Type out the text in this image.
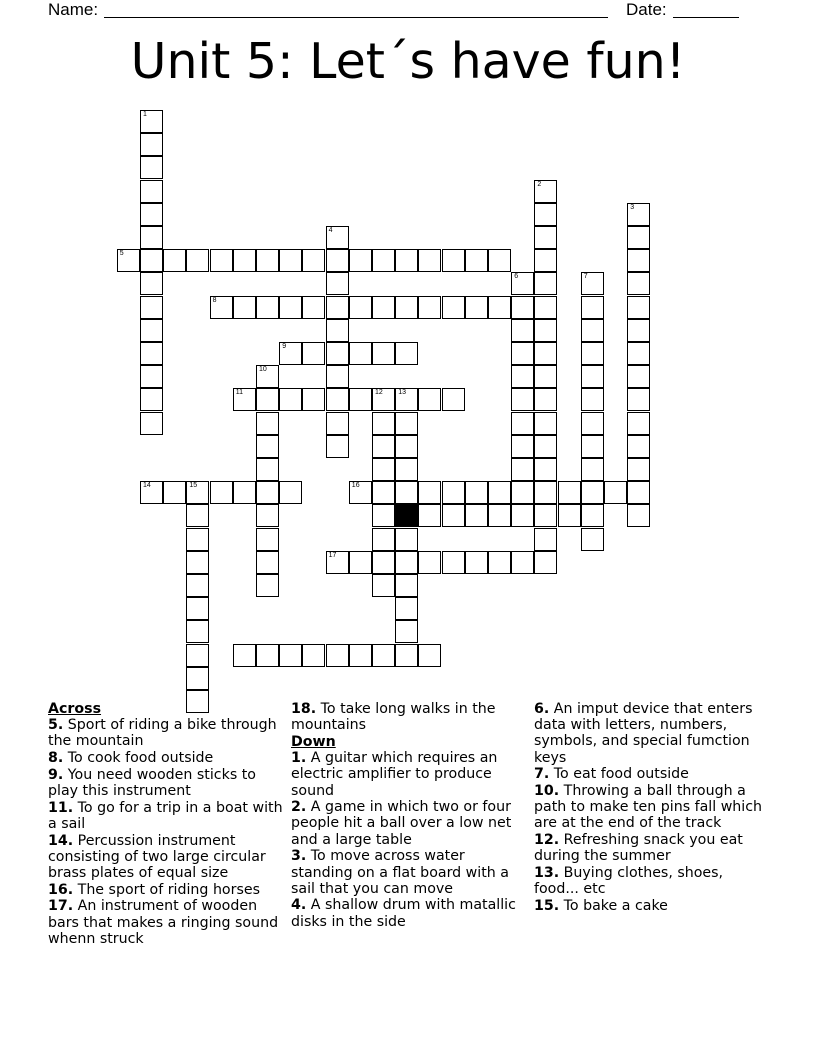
Name:	Date:
Unit 5: Let´s have fun!
1
5
2
3
4
8
6	7
9
10
11	12 13
14	15	16
17
Across
5. Sport of riding a bike through the mountain
8. To cook food outside
9. You need wooden sticks to play this instrument
11. To go for a trip in a boat with a sail
14. Percussion instrument consisting of two large circular brass plates of equal size
16. The sport of riding horses
17. An instrument of wooden bars that makes a ringing sound whenn struck
18. To take long walks in the mountains
Down
1. A guitar which requires an electric amplifier to produce sound
2. A game in which two or four people hit a ball over a low net and a large table
3. To move across water standing on a flat board with a sail that you can move
4. A shallow drum with matallic disks in the side
6. An imput device that enters data with letters, numbers, symbols, and special fumction keys
7. To eat food outside
10. Throwing a ball through a path to make ten pins fall which are at the end of the track
12. Refreshing snack you eat during the summer
13. Buying clothes, shoes, food... etc
15. To bake a cake
